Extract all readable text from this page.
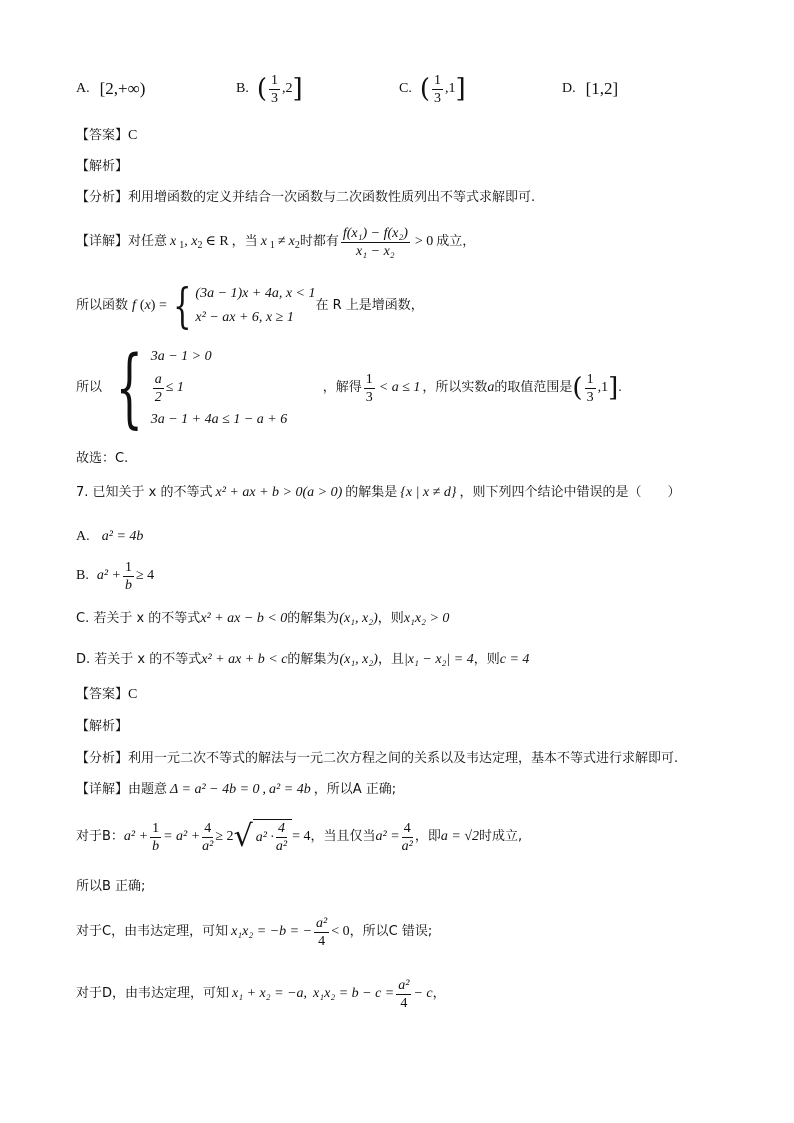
A. [2,+∞)	B. ( $\frac{1}{3} ,2$ ]	C. ( $\frac{1}{3} ,1$ ]	D. [1,2]
【答案】C
【解析】
【分析】利用增函数的定义并结合一次函数与二次函数性质列出不等式求解即可.
【详解】 对任意 x 1 , x 2 ∈ R ，当 x 1 ≠ x 2 时都有 $\frac{\text{f(x₁) − f(x₂)}}{\text{x₁ − x₂}} > 0$ 成立，
所以函数 f ( x ) = { (3a − 1)x + 4a, x < 1
x² − ax + 6, x ≥ 1
在 R 上是增函数，
所以 { 3a − 1 > 0
$\frac{a}{2} \le 1$
3a − 1 + 4a ≤ 1 − a + 6
，解得 $\frac{1}{3} < a \le 1$ ，所以实数 a 的取值范围是 ( $\frac{1}{3} ,1$ ] .
故选：C.
7. 已知关于 x 的不等式 x² + ax + b > 0(a > 0) 的解集是 {x | x ≠ d} ，则下列四个结论中错误的是（　　）
A. a² = 4b
B. $a^2 + \frac{1}{b} \ge 4$
C. 若关于 x 的不等式 x² + ax − b < 0 的解集为 (x₁, x₂) ，则 x₁x₂ > 0
D. 若关于 x 的不等式 x² + ax + b < c 的解集为 (x₁, x₂) ，且 |x₁ − x₂| = 4 ，则 c = 4
【答案】C
【解析】
【分析】利用一元二次不等式的解法与一元二次方程之间的关系以及韦达定理，基本不等式进行求解即可.
【详解】 由题意 Δ = a² − 4b = 0 , a² = 4b ，所以A 正确;
对于B： $a^2 + \frac{1}{b} = a^2 + \frac{4}{\text{a²}} \ge 2$ √ $a^2 \cdot \frac{4}{\text{a²}} = 4$ ，当且仅当 $a^2 = \frac{4}{\text{a²}}$ ，即 a = √2 时成立,
所以B 正确;
对于C，由韦达定理，可知 x₁x₂ = −b = − $\frac{\text{a²}}{4} < 0$ ，所以C 错误;
对于D，由韦达定理，可知 x₁ + x₂ = −a , $x_1x_2 = b - c = \frac{\text{a²}}{4} - c$ ，
